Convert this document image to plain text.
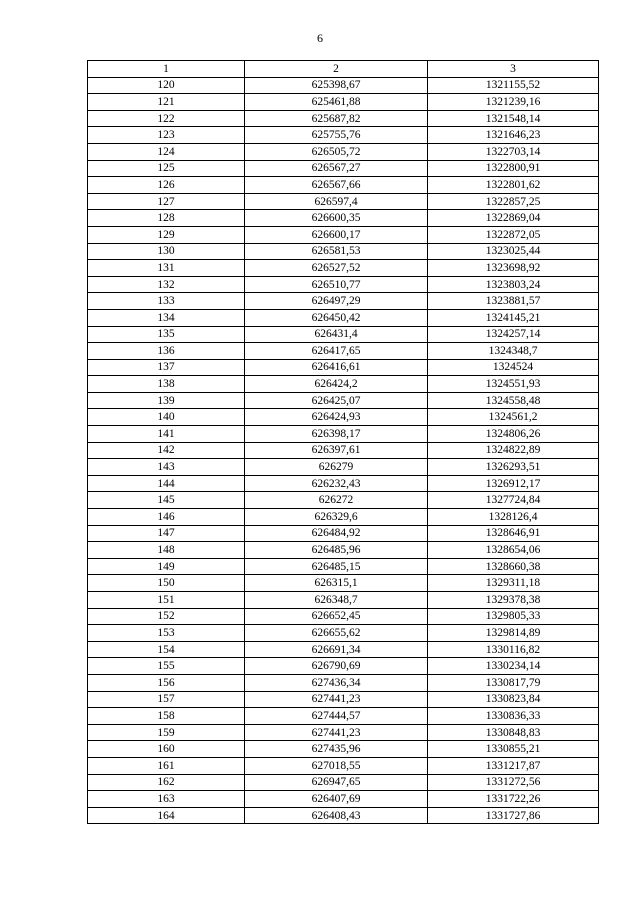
6
1	2	3
120	625398,67	1321155,52
121	625461,88	1321239,16
122	625687,82	1321548,14
123	625755,76	1321646,23
124	626505,72	1322703,14
125	626567,27	1322800,91
126	626567,66	1322801,62
127	626597,4	1322857,25
128	626600,35	1322869,04
129	626600,17	1322872,05
130	626581,53	1323025,44
131	626527,52	1323698,92
132	626510,77	1323803,24
133	626497,29	1323881,57
134	626450,42	1324145,21
135	626431,4	1324257,14
136	626417,65	1324348,7
137	626416,61	1324524
138	626424,2	1324551,93
139	626425,07	1324558,48
140	626424,93	1324561,2
141	626398,17	1324806,26
142	626397,61	1324822,89
143	626279	1326293,51
144	626232,43	1326912,17
145	626272	1327724,84
146	626329,6	1328126,4
147	626484,92	1328646,91
148	626485,96	1328654,06
149	626485,15	1328660,38
150	626315,1	1329311,18
151	626348,7	1329378,38
152	626652,45	1329805,33
153	626655,62	1329814,89
154	626691,34	1330116,82
155	626790,69	1330234,14
156	627436,34	1330817,79
157	627441,23	1330823,84
158	627444,57	1330836,33
159	627441,23	1330848,83
160	627435,96	1330855,21
161	627018,55	1331217,87
162	626947,65	1331272,56
163	626407,69	1331722,26
164	626408,43	1331727,86
